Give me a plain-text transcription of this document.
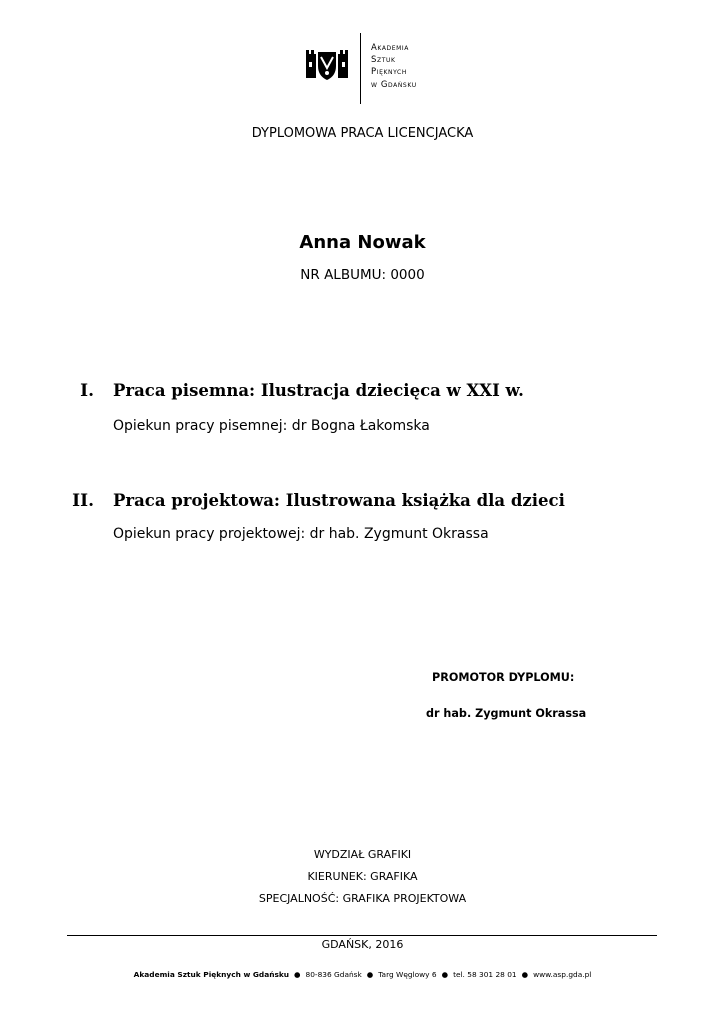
Akademia
Sztuk
Pięknych
w Gdańsku
DYPLOMOWA PRACA LICENCJACKA
Anna Nowak
NR ALBUMU: 0000
I. Praca pisemna: Ilustracja dziecięca w XXI w.
Opiekun pracy pisemnej: dr Bogna Łakomska
II. Praca projektowa: Ilustrowana książka dla dzieci
Opiekun pracy projektowej: dr hab. Zygmunt Okrassa
PROMOTOR DYPLOMU:
dr hab. Zygmunt Okrassa
WYDZIAŁ GRAFIKI
KIERUNEK: GRAFIKA
SPECJALNOŚĆ: GRAFIKA PROJEKTOWA
GDAŃSK, 2016
Akademia Sztuk Pięknych w Gdańsku ● 80-836 Gdańsk ● Targ Węglowy 6 ● tel. 58 301 28 01 ● www.asp.gda.pl
